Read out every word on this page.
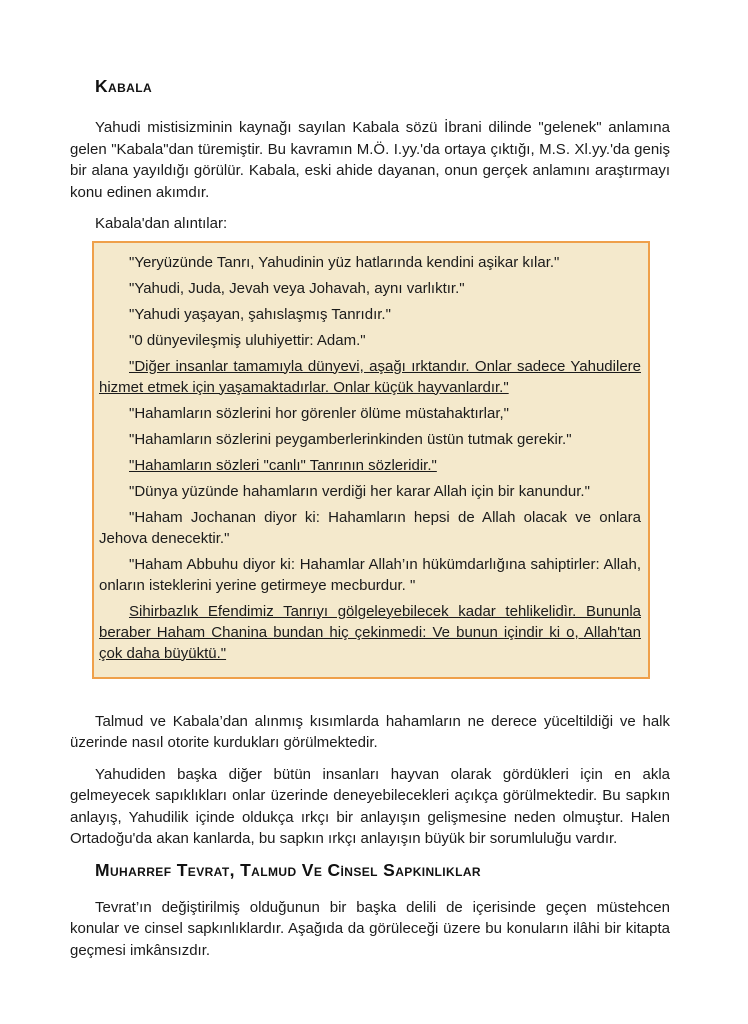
Kabala

Yahudi mistisizminin kaynağı sayılan Kabala sözü İbrani dilinde "gelenek" anlamına gelen "Kabala"dan türemiştir. Bu kavramın M.Ö. I.yy.'da ortaya çıktığı, M.S. Xl.yy.'da geniş bir alana yayıldığı görülür. Kabala, eski ahide dayanan, onun gerçek anlamını araştırmayı konu edinen akımdır.

Kabala'dan alıntılar:

"Yeryüzünde Tanrı, Yahudinin yüz hatlarında kendini aşikar kılar."

"Yahudi, Juda, Jevah veya Johavah, aynı varlıktır."

"Yahudi yaşayan, şahıslaşmış Tanrıdır."

"0 dünyevileşmiş uluhiyettir: Adam."

"Diğer insanlar tamamıyla dünyevi, aşağı ırktandır. Onlar sadece Yahudilere hizmet etmek için yaşamaktadırlar. Onlar küçük hayvanlardır."

"Hahamların sözlerini hor görenler ölüme müstahaktırlar,"

"Hahamların sözlerini peygamberlerinkinden üstün tutmak gerekir."

"Hahamların sözleri "canlı" Tanrının sözleridir."

"Dünya yüzünde hahamların verdiği her karar Allah için bir kanundur."

"Haham Jochanan diyor ki: Hahamların hepsi de Allah olacak ve onlara Jehova denecektir."

"Haham Abbuhu diyor ki: Hahamlar Allah’ın hükümdarlığına sahiptirler: Allah, onların isteklerini yerine getirmeye mecburdur. "

Sihirbazlık Efendimiz Tanrıyı gölgeleyebilecek kadar tehlikelidìr. Bununla beraber Haham Chanina bundan hiç çekinmedi: Ve bunun içindir ki o, Allah'tan çok daha büyüktü."

Talmud ve Kabala’dan alınmış kısımlarda hahamların ne derece yüceltildiği ve halk üzerinde nasıl otorite kurdukları görülmektedir.

Yahudiden başka diğer bütün insanları hayvan olarak gördükleri için en akla gelmeyecek sapıklıkları onlar üzerinde deneyebilecekleri açıkça görülmektedir. Bu sapkın anlayış, Yahudilik içinde oldukça ırkçı bir anlayışın gelişmesine neden olmuştur. Halen Ortadoğu'da akan kanlarda, bu sapkın ırkçı anlayışın büyük bir sorumluluğu vardır.

Muharref Tevrat, Talmud Ve Cinsel Sapkınlıklar

Tevrat’ın değiştirilmiş olduğunun bir başka delili de içerisinde geçen müstehcen konular ve cinsel sapkınlıklardır. Aşağıda da görüleceği üzere bu konuların ilâhi bir kitapta geçmesi imkânsızdır.
